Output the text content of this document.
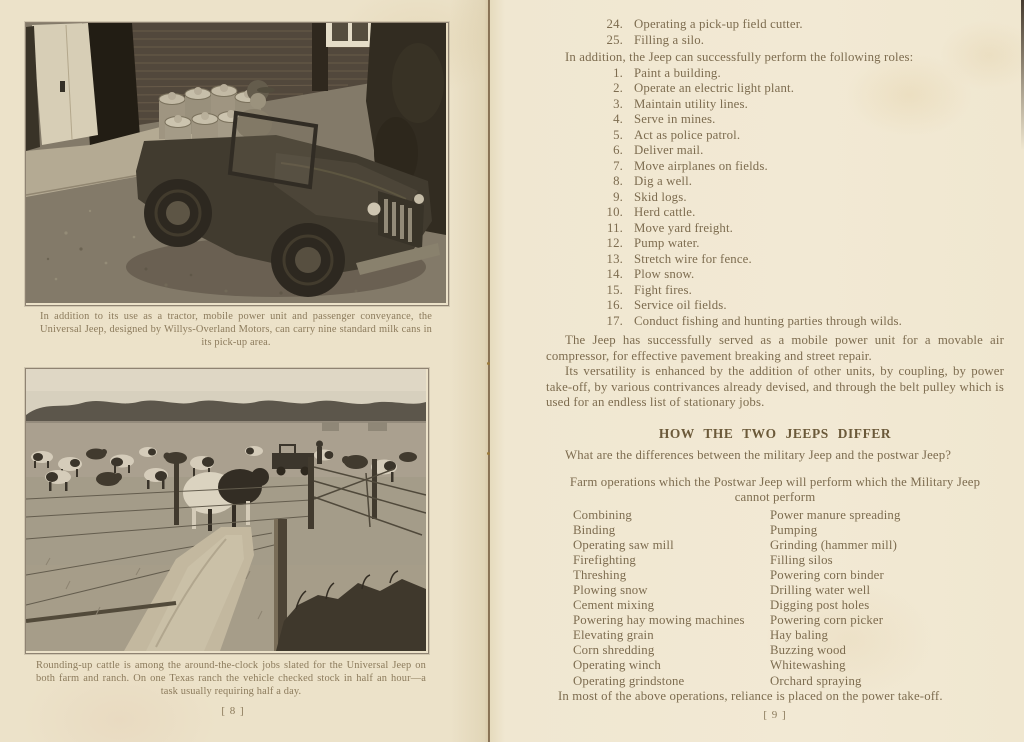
In addition to its use as a tractor, mobile power unit and passenger conveyance, the Universal Jeep, designed by Willys-Overland Motors, can carry nine standard milk cans in its pick-up area.
Rounding-up cattle is among the around-the-clock jobs slated for the Universal Jeep on both farm and ranch. On one Texas ranch the vehicle checked stock in half an hour—a task usually requiring half a day.
[ 8 ]
24. Operating a pick-up field cutter.
25. Filling a silo.

In addition, the Jeep can successfully perform the following roles:

1. Paint a building.
2. Operate an electric light plant.
3. Maintain utility lines.
4. Serve in mines.
5. Act as police patrol.
6. Deliver mail.
7. Move airplanes on fields.
8. Dig a well.
9. Skid logs.
10. Herd cattle.
11. Move yard freight.
12. Pump water.
13. Stretch wire for fence.
14. Plow snow.
15. Fight fires.
16. Service oil fields.
17. Conduct fishing and hunting parties through wilds.

The Jeep has successfully served as a mobile power unit for a movable air compressor, for effective pavement breaking and street repair.

Its versatility is enhanced by the addition of other units, by coupling, by power take-off, by various contrivances already devised, and through the belt pulley which is used for an endless list of stationary jobs.

HOW THE TWO JEEPS DIFFER

What are the differences between the military Jeep and the postwar Jeep?

Farm operations which the Postwar Jeep will perform which the Military Jeep cannot perform
Combining
Binding
Operating saw mill
Firefighting
Threshing
Plowing snow
Cement mixing
Powering hay mowing machines
Elevating grain
Corn shredding
Operating winch
Operating grindstone
Power manure spreading
Pumping
Grinding (hammer mill)
Filling silos
Powering corn binder
Drilling water well
Digging post holes
Powering corn picker
Hay baling
Buzzing wood
Whitewashing
Orchard spraying

In most of the above operations, reliance is placed on the power take-off.

[ 9 ]
